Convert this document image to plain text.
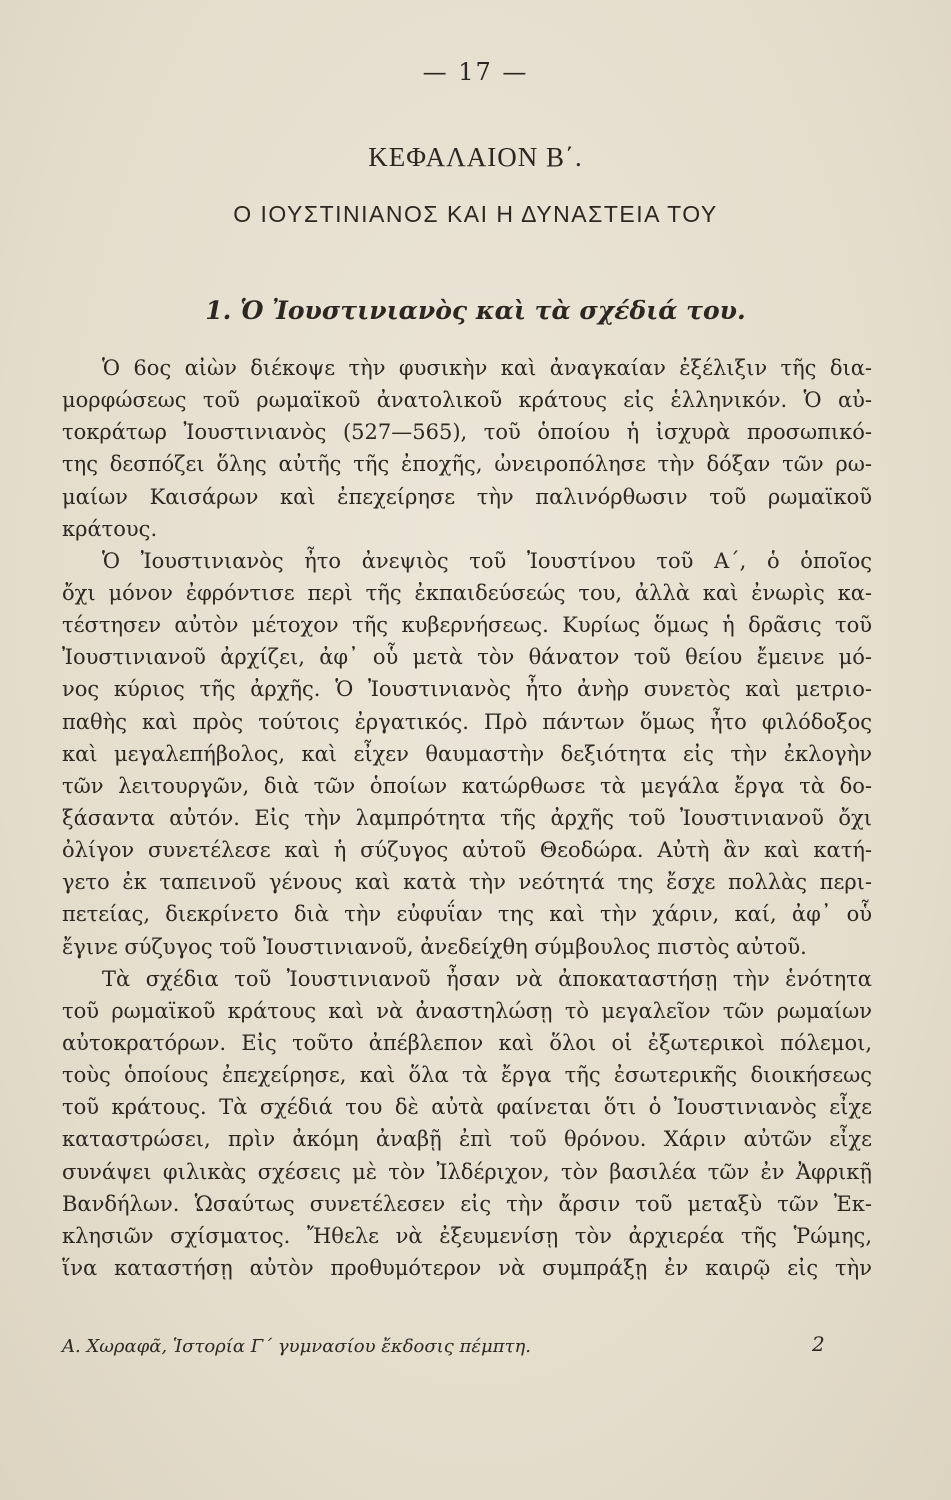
— 17 —
ΚΕΦΑΛΑΙΟΝ Β΄.
Ο ΙΟΥΣΤΙΝΙΑΝΟΣ ΚΑΙ Η ΔΥΝΑΣΤΕΙΑ ΤΟΥ
1. Ὁ Ἰουστινιανὸς καὶ τὰ σχέδιά του.
Ὁ 6ος αἰὼν διέκοψε τὴν φυσικὴν καὶ ἀναγκαίαν ἐξέλιξιν τῆς δια-
μορφώσεως τοῦ ρωμαϊκοῦ ἀνατολικοῦ κράτους εἰς ἑλληνικόν. Ὁ αὐ-
τοκράτωρ Ἰουστινιανὸς (527—565), τοῦ ὁποίου ἡ ἰσχυρὰ προσωπικό-
της δεσπόζει ὅλης αὐτῆς τῆς ἐποχῆς, ὠνειροπόλησε τὴν δόξαν τῶν ρω-
μαίων Καισάρων καὶ ἐπεχείρησε τὴν παλινόρθωσιν τοῦ ρωμαϊκοῦ
κράτους.
Ὁ Ἰουστινιανὸς ἦτο ἀνεψιὸς τοῦ Ἰουστίνου τοῦ Α΄, ὁ ὁποῖος
ὄχι μόνον ἐφρόντισε περὶ τῆς ἐκπαιδεύσεώς του, ἀλλὰ καὶ ἐνωρὶς κα-
τέστησεν αὐτὸν μέτοχον τῆς κυβερνήσεως. Κυρίως ὅμως ἡ δρᾶσις τοῦ
Ἰουστινιανοῦ ἀρχίζει, ἀφ᾽ οὗ μετὰ τὸν θάνατον τοῦ θείου ἔμεινε μό-
νος κύριος τῆς ἀρχῆς. Ὁ Ἰουστινιανὸς ἦτο ἀνὴρ συνετὸς καὶ μετριο-
παθὴς καὶ πρὸς τούτοις ἐργατικός. Πρὸ πάντων ὅμως ἦτο φιλόδοξος
καὶ μεγαλεπήβολος, καὶ εἶχεν θαυμαστὴν δεξιότητα εἰς τὴν ἐκλογὴν
τῶν λειτουργῶν, διὰ τῶν ὁποίων κατώρθωσε τὰ μεγάλα ἔργα τὰ δο-
ξάσαντα αὐτόν. Εἰς τὴν λαμπρότητα τῆς ἀρχῆς τοῦ Ἰουστινιανοῦ ὄχι
ὀλίγον συνετέλεσε καὶ ἡ σύζυγος αὐτοῦ Θεοδώρα. Αὐτὴ ἂν καὶ κατή-
γετο ἐκ ταπεινοῦ γένους καὶ κατὰ τὴν νεότητά της ἔσχε πολλὰς περι-
πετείας, διεκρίνετο διὰ τὴν εὐφυΐαν της καὶ τὴν χάριν, καί, ἀφ᾽ οὗ
ἔγινε σύζυγος τοῦ Ἰουστινιανοῦ, ἀνεδείχθη σύμβουλος πιστὸς αὐτοῦ.
Τὰ σχέδια τοῦ Ἰουστινιανοῦ ἦσαν νὰ ἀποκαταστήσῃ τὴν ἑνότητα
τοῦ ρωμαϊκοῦ κράτους καὶ νὰ ἀναστηλώσῃ τὸ μεγαλεῖον τῶν ρωμαίων
αὐτοκρατόρων. Εἰς τοῦτο ἀπέβλεπον καὶ ὅλοι οἱ ἐξωτερικοὶ πόλεμοι,
τοὺς ὁποίους ἐπεχείρησε, καὶ ὅλα τὰ ἔργα τῆς ἐσωτερικῆς διοικήσεως
τοῦ κράτους. Τὰ σχέδιά του δὲ αὐτὰ φαίνεται ὅτι ὁ Ἰουστινιανὸς εἶχε
καταστρώσει, πρὶν ἀκόμη ἀναβῇ ἐπὶ τοῦ θρόνου. Χάριν αὐτῶν εἶχε
συνάψει φιλικὰς σχέσεις μὲ τὸν Ἰλδέριχον, τὸν βασιλέα τῶν ἐν Ἀφρικῇ
Βανδήλων. Ὡσαύτως συνετέλεσεν εἰς τὴν ἄρσιν τοῦ μεταξὺ τῶν Ἐκ-
κλησιῶν σχίσματος. Ἤθελε νὰ ἐξευμενίσῃ τὸν ἀρχιερέα τῆς Ῥώμης,
ἵνα καταστήσῃ αὐτὸν προθυμότερον νὰ συμπράξῃ ἐν καιρῷ εἰς τὴν
Α. Χωραφᾶ, Ἱστορία Γ΄ γυμνασίου ἔκδοσις πέμπτη.	2
